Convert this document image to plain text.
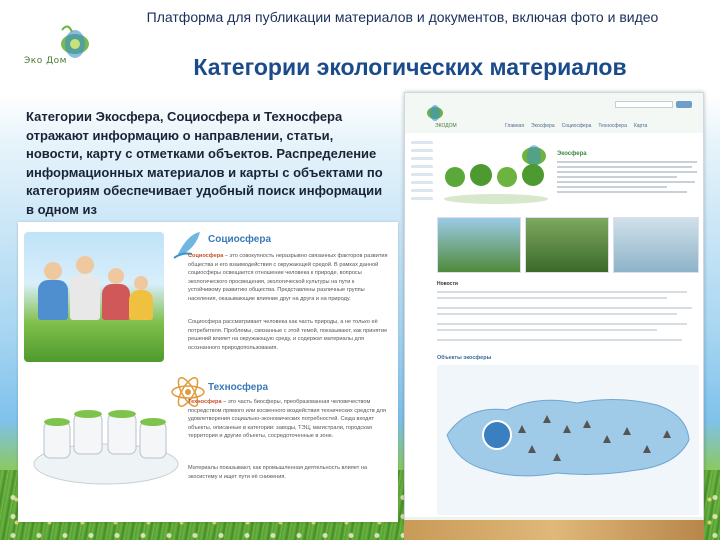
Эко Дом
Платформа для публикации материалов и документов, включая фото и видео
Категории экологических материалов
Категории Экосфера, Социосфера и Техносфера отражают информацию о направлении, статьи, новости, карту с отметками объектов. Распределение информационных материалов и карты с объектами по категориям обеспечивает удобный поиск информации в одном из
Социосфера

Социосфера – это совокупность неразрывно связанных факторов развития общества и его взаимодействия с окружающей средой. В рамках данной социосферы освещается отношение человека к природе, вопросы экологического просвещения, экологической культуры на пути к устойчивому развитию общества. Представлены различные группы населения, оказывающие влияние друг на друга и на природу.

Социосфера рассматривает человека как часть природы, а не только её потребителя. Проблемы, связанные с этой темой, показывают, как принятие решений влияет на окружающую среду, и содержат материалы для осознанного природопользования.

Техносфера

Техносфера – это часть биосферы, преобразованная человечеством посредством прямого или косвенного воздействия технических средств для удовлетворения социально-экономических потребностей. Сюда входят объекты, описанные в категории: заводы, ТЭЦ, магистрали, городская территория и другие объекты, сосредоточенные в зоне.

Материалы показывают, как промышленная деятельность влияет на экосистему и ищет пути её снижения.

ЭКОДОМ	Главная Экосфера Социосфера Техносфера Карта
Экосфера
Новости
Объекты экосферы
